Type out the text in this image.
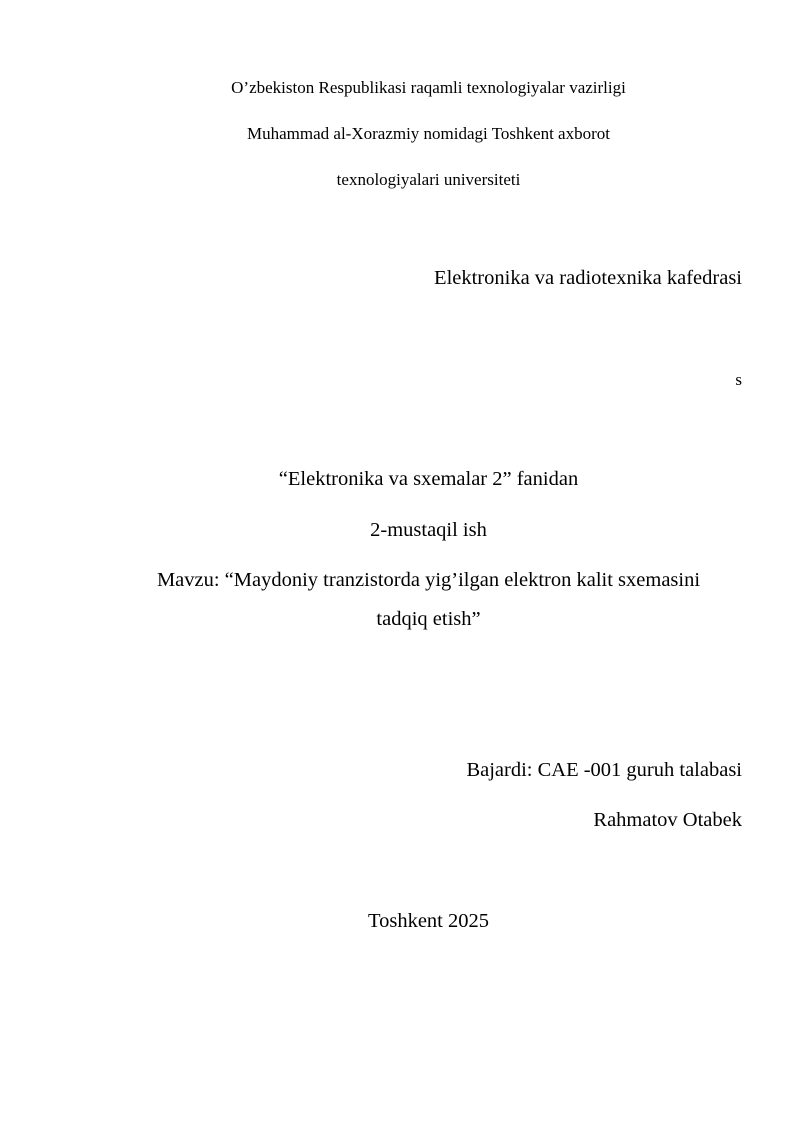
O’zbekiston Respublikasi raqamli texnologiyalar vazirligi
Muhammad al-Xorazmiy nomidagi Toshkent axborot
texnologiyalari universiteti
Elektronika va radiotexnika kafedrasi
s
“Elektronika va sxemalar 2” fanidan
2-mustaqil ish
Mavzu: “Maydoniy tranzistorda yig’ilgan elektron kalit sxemasini
tadqiq etish”
Bajardi: CAE -001 guruh talabasi
Rahmatov Otabek
Toshkent 2025
